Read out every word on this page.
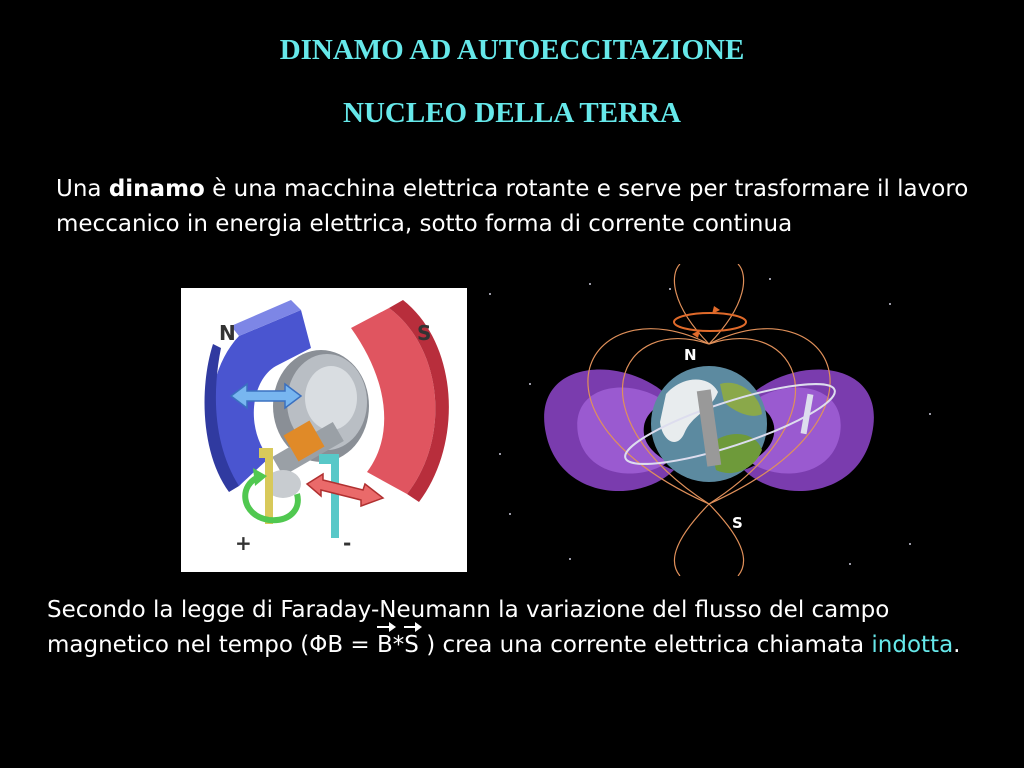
DINAMO AD AUTOECCITAZIONE
NUCLEO DELLA TERRA

Una dinamo è una macchina elettrica rotante e serve per trasformare il lavoro meccanico in energia elettrica, sotto forma di corrente continua

N	S
+	-
N
S

Secondo la legge di Faraday-Neumann la variazione del flusso del campo magnetico nel tempo (ΦB = B*S ) crea una corrente elettrica chiamata indotta.
